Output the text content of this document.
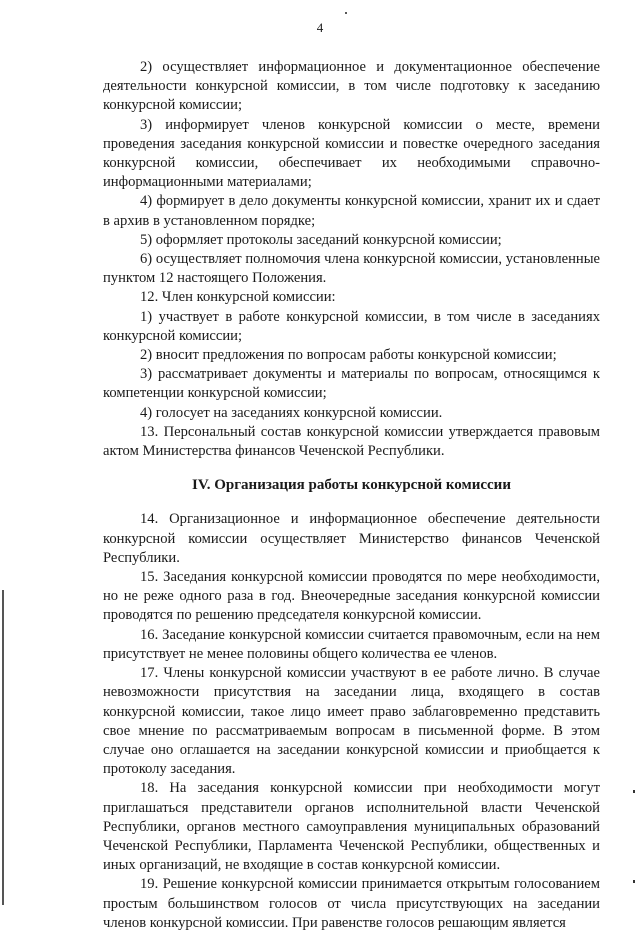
4

2) осуществляет информационное и документационное обеспечение деятельности конкурсной комиссии, в том числе подготовку к заседанию конкурсной комиссии;

3) информирует членов конкурсной комиссии о месте, времени проведения заседания конкурсной комиссии и повестке очередного заседания конкурсной комиссии, обеспечивает их необходимыми справочно-информационными материалами;

4) формирует в дело документы конкурсной комиссии, хранит их и сдает в архив в установленном порядке;

5) оформляет протоколы заседаний конкурсной комиссии;

6) осуществляет полномочия члена конкурсной комиссии, установленные пунктом 12 настоящего Положения.

12. Член конкурсной комиссии:

1) участвует в работе конкурсной комиссии, в том числе в заседаниях конкурсной комиссии;

2) вносит предложения по вопросам работы конкурсной комиссии;

3) рассматривает документы и материалы по вопросам, относящимся к компетенции конкурсной комиссии;

4) голосует на заседаниях конкурсной комиссии.

13. Персональный состав конкурсной комиссии утверждается правовым актом Министерства финансов Чеченской Республики.

IV. Организация работы конкурсной комиссии

14. Организационное и информационное обеспечение деятельности конкурсной комиссии осуществляет Министерство финансов Чеченской Республики.

15. Заседания конкурсной комиссии проводятся по мере необходимости, но не реже одного раза в год. Внеочередные заседания конкурсной комиссии проводятся по решению председателя конкурсной комиссии.

16. Заседание конкурсной комиссии считается правомочным, если на нем присутствует не менее половины общего количества ее членов.

17. Члены конкурсной комиссии участвуют в ее работе лично. В случае невозможности присутствия на заседании лица, входящего в состав конкурсной комиссии, такое лицо имеет право заблаговременно представить свое мнение по рассматриваемым вопросам в письменной форме. В этом случае оно оглашается на заседании конкурсной комиссии и приобщается к протоколу заседания.

18. На заседания конкурсной комиссии при необходимости могут приглашаться представители органов исполнительной власти Чеченской Республики, органов местного самоуправления муниципальных образований Чеченской Республики, Парламента Чеченской Республики, общественных и иных организаций, не входящие в состав конкурсной комиссии.

19. Решение конкурсной комиссии принимается открытым голосованием простым большинством голосов от числа присутствующих на заседании членов конкурсной комиссии. При равенстве голосов решающим является
